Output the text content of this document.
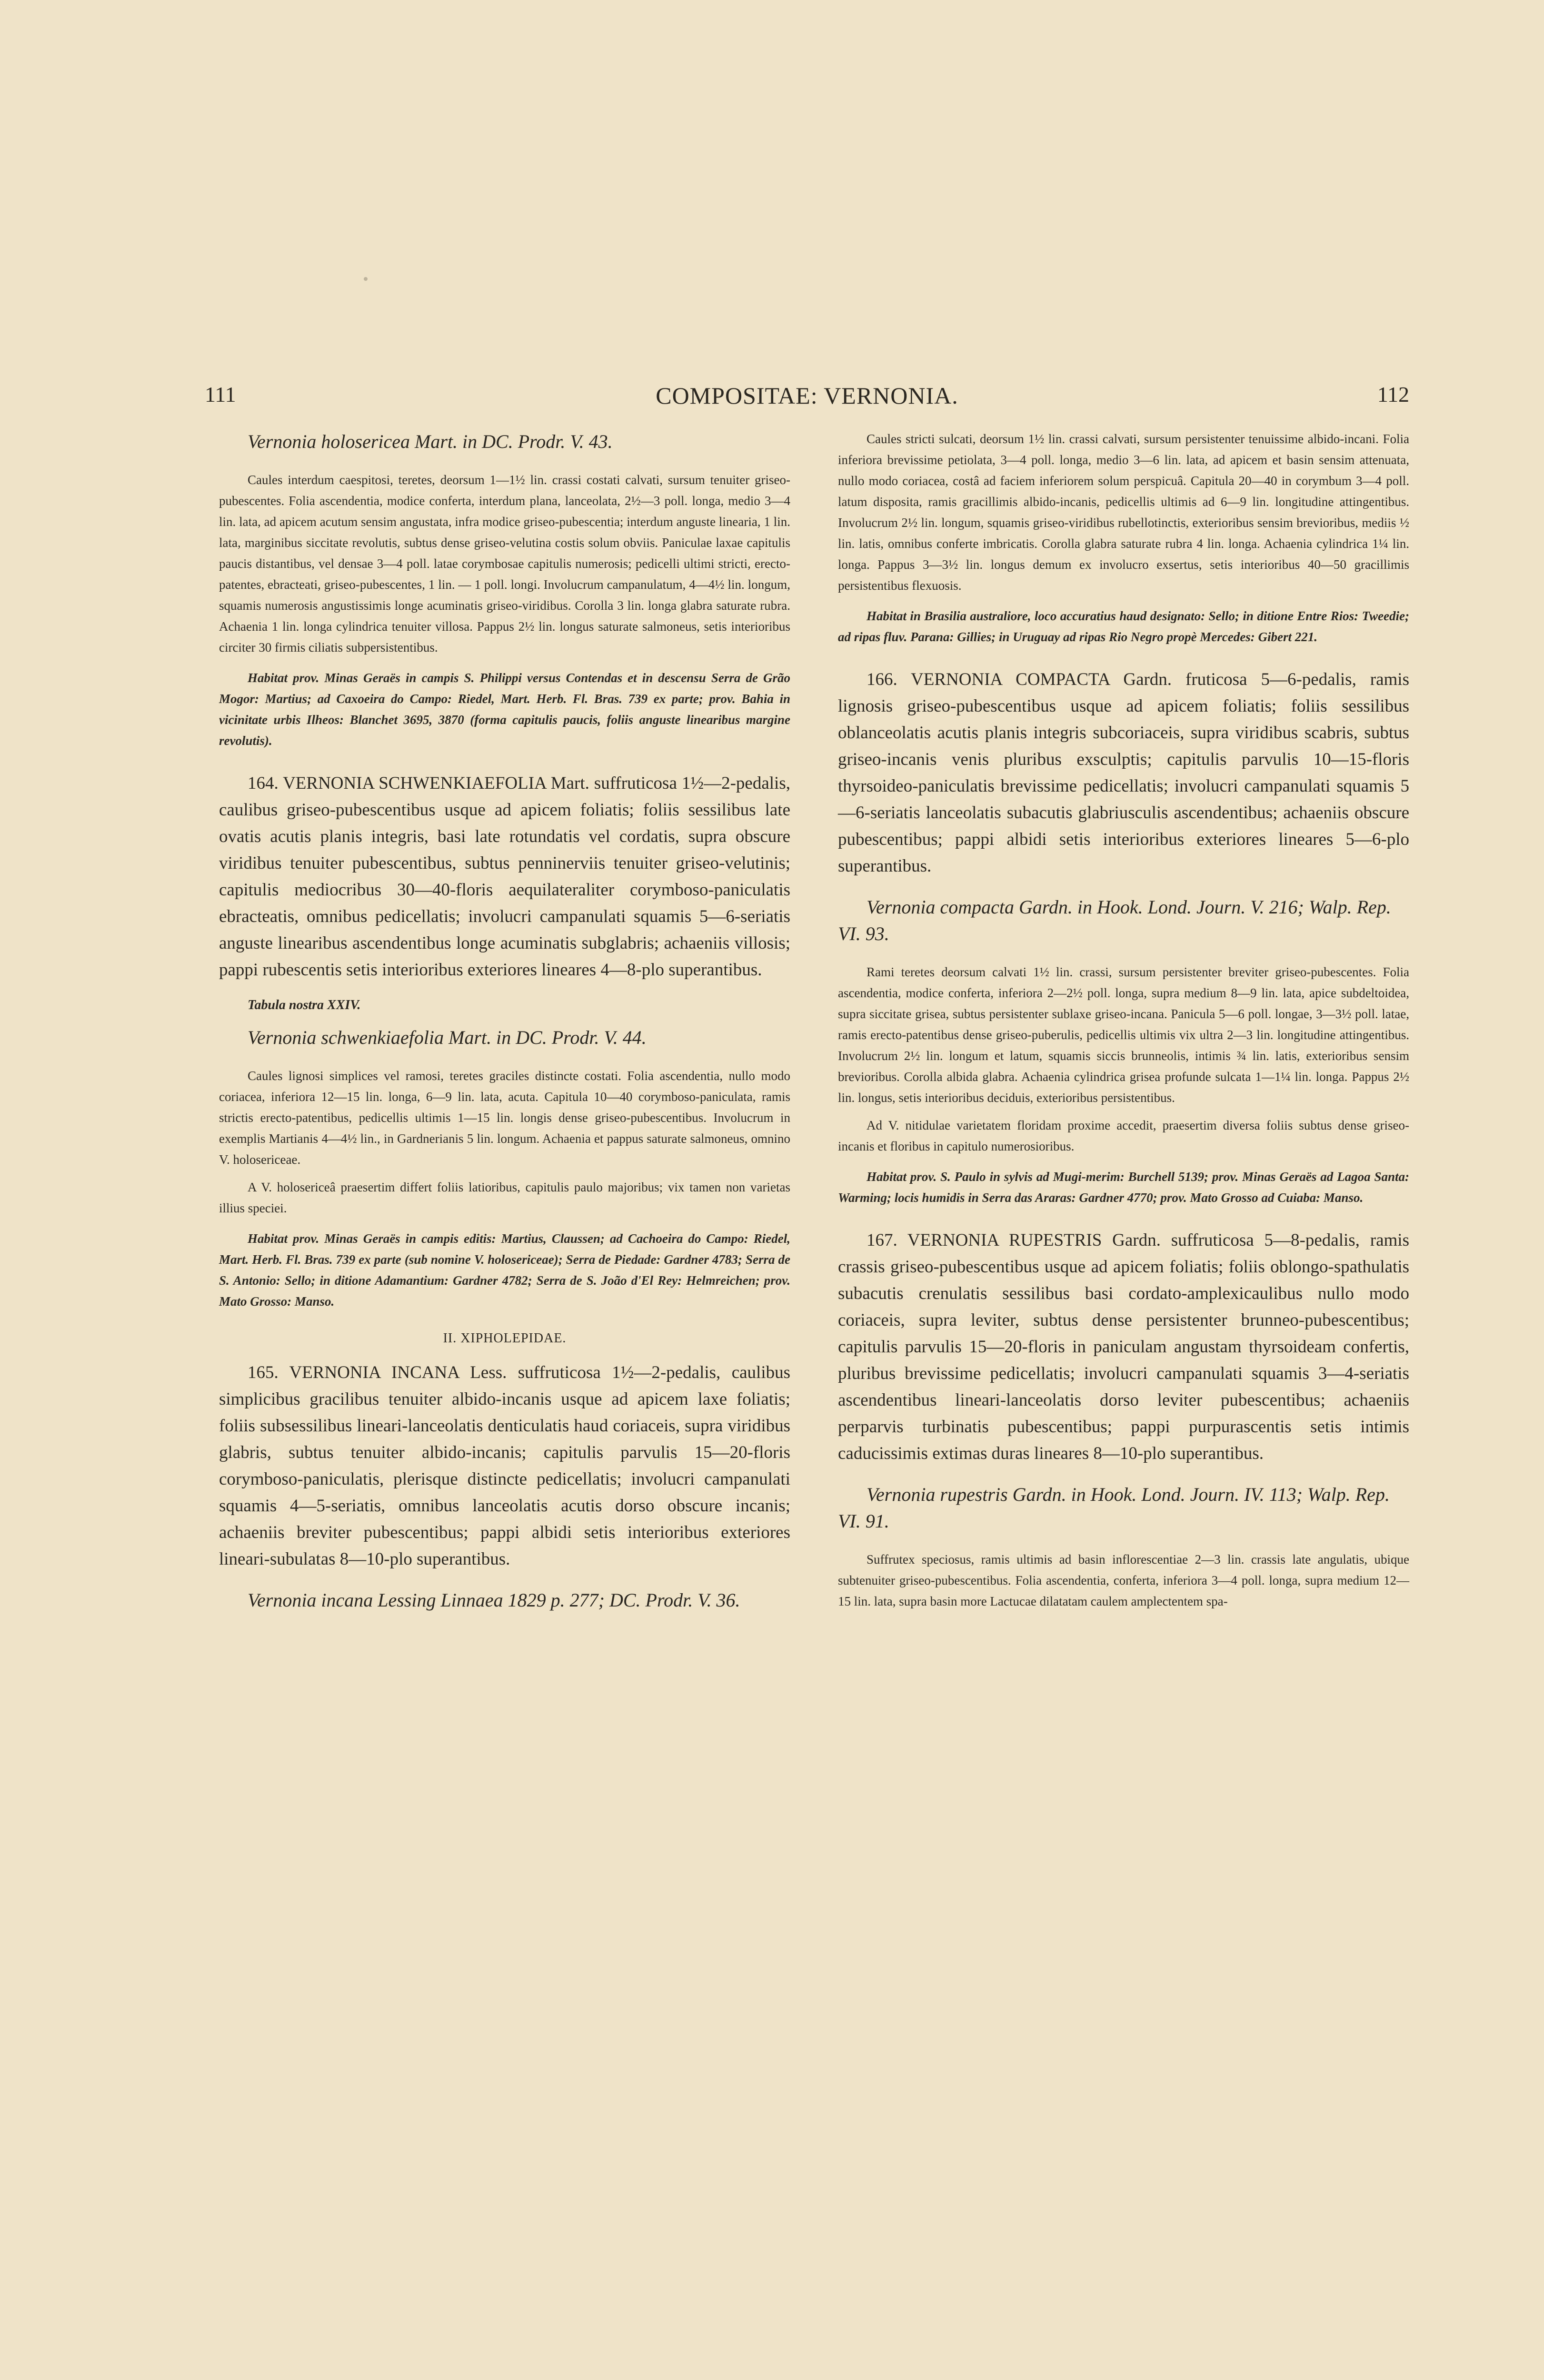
111	COMPOSITAE: VERNONIA.	112

Vernonia holosericea Mart. in DC. Prodr. V. 43.

Caules interdum caespitosi, teretes, deorsum 1—1½ lin. crassi costati calvati, sursum tenuiter griseo-pubescentes. Folia ascendentia, modice conferta, interdum plana, lanceolata, 2½—3 poll. longa, medio 3—4 lin. lata, ad apicem acutum sensim angustata, infra modice griseo-pubescentia; interdum anguste linearia, 1 lin. lata, marginibus siccitate revolutis, subtus dense griseo-velutina costis solum obviis. Paniculae laxae capitulis paucis distantibus, vel densae 3—4 poll. latae corymbosae capitulis numerosis; pedicelli ultimi stricti, erecto-patentes, ebracteati, griseo-pubescentes, 1 lin. — 1 poll. longi. Involucrum campanulatum, 4—4½ lin. longum, squamis numerosis angustissimis longe acuminatis griseo-viridibus. Corolla 3 lin. longa glabra saturate rubra. Achaenia 1 lin. longa cylindrica tenuiter villosa. Pappus 2½ lin. longus saturate salmoneus, setis interioribus circiter 30 firmis ciliatis subpersistentibus.

Habitat prov. Minas Geraës in campis S. Philippi versus Contendas et in descensu Serra de Grão Mogor: Martius; ad Caxoeira do Campo: Riedel, Mart. Herb. Fl. Bras. 739 ex parte; prov. Bahia in vicinitate urbis Ilheos: Blanchet 3695, 3870 (forma capitulis paucis, foliis anguste linearibus margine revolutis).

164. VERNONIA SCHWENKIAEFOLIA Mart. suffruticosa 1½—2-pedalis, caulibus griseo-pubescentibus usque ad apicem foliatis; foliis sessilibus late ovatis acutis planis integris, basi late rotundatis vel cordatis, supra obscure viridibus tenuiter pubescentibus, subtus penninerviis tenuiter griseo-velutinis; capitulis mediocribus 30—40-floris aequilateraliter corymboso-paniculatis ebracteatis, omnibus pedicellatis; involucri campanulati squamis 5—6-seriatis anguste linearibus ascendentibus longe acuminatis subglabris; achaeniis villosis; pappi rubescentis setis interioribus exteriores lineares 4—8-plo superantibus.

Tabula nostra XXIV.

Vernonia schwenkiaefolia Mart. in DC. Prodr. V. 44.

Caules lignosi simplices vel ramosi, teretes graciles distincte costati. Folia ascendentia, nullo modo coriacea, inferiora 12—15 lin. longa, 6—9 lin. lata, acuta. Capitula 10—40 corymboso-paniculata, ramis strictis erecto-patentibus, pedicellis ultimis 1—15 lin. longis dense griseo-pubescentibus. Involucrum in exemplis Martianis 4—4½ lin., in Gardnerianis 5 lin. longum. Achaenia et pappus saturate salmoneus, omnino V. holosericeae.

A V. holosericeâ praesertim differt foliis latioribus, capitulis paulo majoribus; vix tamen non varietas illius speciei.

Habitat prov. Minas Geraës in campis editis: Martius, Claussen; ad Cachoeira do Campo: Riedel, Mart. Herb. Fl. Bras. 739 ex parte (sub nomine V. holosericeae); Serra de Piedade: Gardner 4783; Serra de S. Antonio: Sello; in ditione Adamantium: Gardner 4782; Serra de S. João d'El Rey: Helmreichen; prov. Mato Grosso: Manso.

II. XIPHOLEPIDAE.

165. VERNONIA INCANA Less. suffruticosa 1½—2-pedalis, caulibus simplicibus gracilibus tenuiter albido-incanis usque ad apicem laxe foliatis; foliis subsessilibus lineari-lanceolatis denticulatis haud coriaceis, supra viridibus glabris, subtus tenuiter albido-incanis; capitulis parvulis 15—20-floris corymboso-paniculatis, plerisque distincte pedicellatis; involucri campanulati squamis 4—5-seriatis, omnibus lanceolatis acutis dorso obscure incanis; achaeniis breviter pubescentibus; pappi albidi setis interioribus exteriores lineari-subulatas 8—10-plo superantibus.

Vernonia incana Lessing Linnaea 1829 p. 277; DC. Prodr. V. 36.

Caules stricti sulcati, deorsum 1½ lin. crassi calvati, sursum persistenter tenuissime albido-incani. Folia inferiora brevissime petiolata, 3—4 poll. longa, medio 3—6 lin. lata, ad apicem et basin sensim attenuata, nullo modo coriacea, costâ ad faciem inferiorem solum perspicuâ. Capitula 20—40 in corymbum 3—4 poll. latum disposita, ramis gracillimis albido-incanis, pedicellis ultimis ad 6—9 lin. longitudine attingentibus. Involucrum 2½ lin. longum, squamis griseo-viridibus rubellotinctis, exterioribus sensim brevioribus, mediis ½ lin. latis, omnibus conferte imbricatis. Corolla glabra saturate rubra 4 lin. longa. Achaenia cylindrica 1¼ lin. longa. Pappus 3—3½ lin. longus demum ex involucro exsertus, setis interioribus 40—50 gracillimis persistentibus flexuosis.

Habitat in Brasilia australiore, loco accuratius haud designato: Sello; in ditione Entre Rios: Tweedie; ad ripas fluv. Parana: Gillies; in Uruguay ad ripas Rio Negro propè Mercedes: Gibert 221.

166. VERNONIA COMPACTA Gardn. fruticosa 5—6-pedalis, ramis lignosis griseo-pubescentibus usque ad apicem foliatis; foliis sessilibus oblanceolatis acutis planis integris subcoriaceis, supra viridibus scabris, subtus griseo-incanis venis pluribus exsculptis; capitulis parvulis 10—15-floris thyrsoideo-paniculatis brevissime pedicellatis; involucri campanulati squamis 5—6-seriatis lanceolatis subacutis glabriusculis ascendentibus; achaeniis obscure pubescentibus; pappi albidi setis interioribus exteriores lineares 5—6-plo superantibus.

Vernonia compacta Gardn. in Hook. Lond. Journ. V. 216; Walp. Rep. VI. 93.

Rami teretes deorsum calvati 1½ lin. crassi, sursum persistenter breviter griseo-pubescentes. Folia ascendentia, modice conferta, inferiora 2—2½ poll. longa, supra medium 8—9 lin. lata, apice subdeltoidea, supra siccitate grisea, subtus persistenter sublaxe griseo-incana. Panicula 5—6 poll. longae, 3—3½ poll. latae, ramis erecto-patentibus dense griseo-puberulis, pedicellis ultimis vix ultra 2—3 lin. longitudine attingentibus. Involucrum 2½ lin. longum et latum, squamis siccis brunneolis, intimis ¾ lin. latis, exterioribus sensim brevioribus. Corolla albida glabra. Achaenia cylindrica grisea profunde sulcata 1—1¼ lin. longa. Pappus 2½ lin. longus, setis interioribus deciduis, exterioribus persistentibus.

Ad V. nitidulae varietatem floridam proxime accedit, praesertim diversa foliis subtus dense griseo-incanis et floribus in capitulo numerosioribus.

Habitat prov. S. Paulo in sylvis ad Mugi-merim: Burchell 5139; prov. Minas Geraës ad Lagoa Santa: Warming; locis humidis in Serra das Araras: Gardner 4770; prov. Mato Grosso ad Cuiaba: Manso.

167. VERNONIA RUPESTRIS Gardn. suffruticosa 5—8-pedalis, ramis crassis griseo-pubescentibus usque ad apicem foliatis; foliis oblongo-spathulatis subacutis crenulatis sessilibus basi cordato-amplexicaulibus nullo modo coriaceis, supra leviter, subtus dense persistenter brunneo-pubescentibus; capitulis parvulis 15—20-floris in paniculam angustam thyrsoideam confertis, pluribus brevissime pedicellatis; involucri campanulati squamis 3—4-seriatis ascendentibus lineari-lanceolatis dorso leviter pubescentibus; achaeniis perparvis turbinatis pubescentibus; pappi purpurascentis setis intimis caducissimis extimas duras lineares 8—10-plo superantibus.

Vernonia rupestris Gardn. in Hook. Lond. Journ. IV. 113; Walp. Rep. VI. 91.

Suffrutex speciosus, ramis ultimis ad basin inflorescentiae 2—3 lin. crassis late angulatis, ubique subtenuiter griseo-pubescentibus. Folia ascendentia, conferta, inferiora 3—4 poll. longa, supra medium 12—15 lin. lata, supra basin more Lactucae dilatatam caulem amplectentem spa-
